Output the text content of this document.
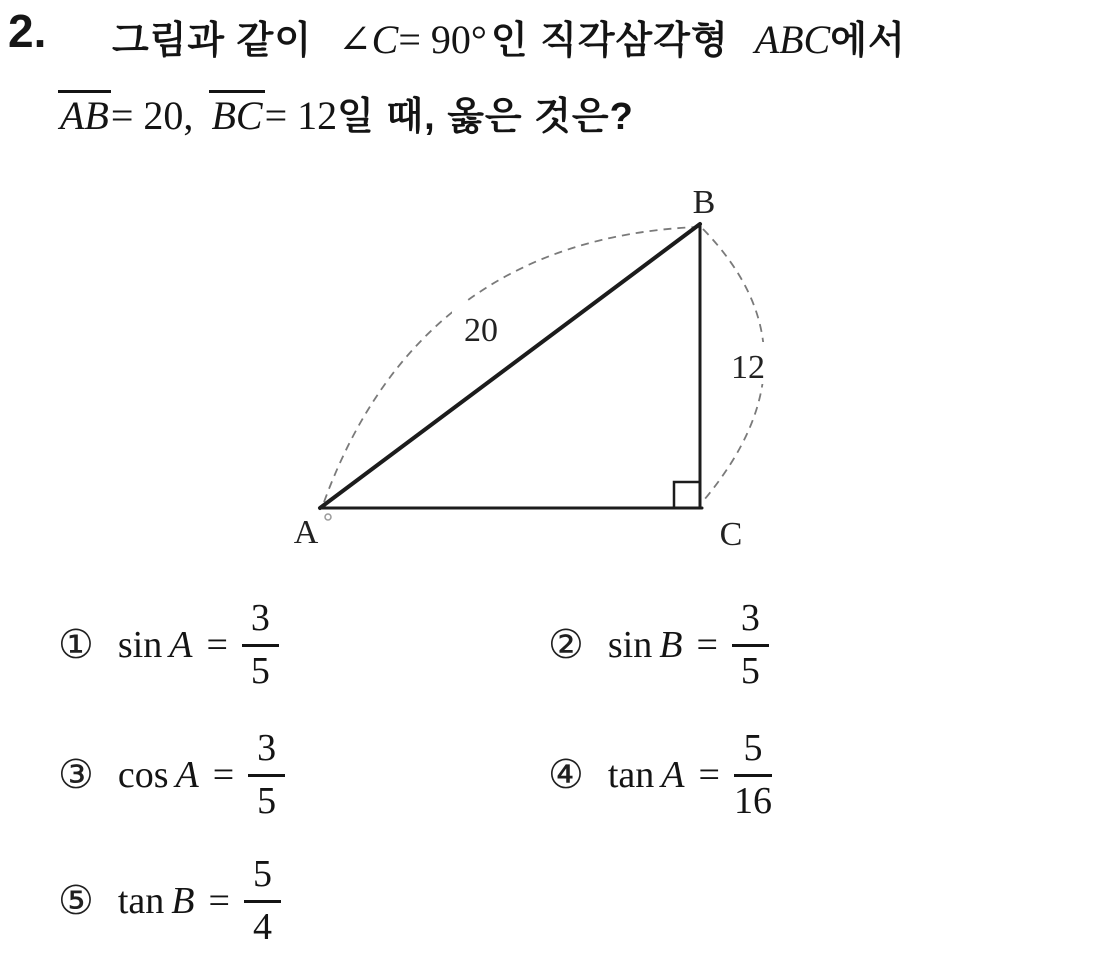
2. 그림과 같이 ∠ C = 90° 인 직각삼각형 ABC 에서
AB = 20, BC = 12 일 때, 옳은 것은?
20
12
B
A	C
① $\sin A = \frac{3}{5}$	② $\sin B = \frac{3}{5}$
③ $\cos A = \frac{3}{5}$	④ $\tan A = \frac{5}{16}$
⑤ $\tan B = \frac{5}{4}$
